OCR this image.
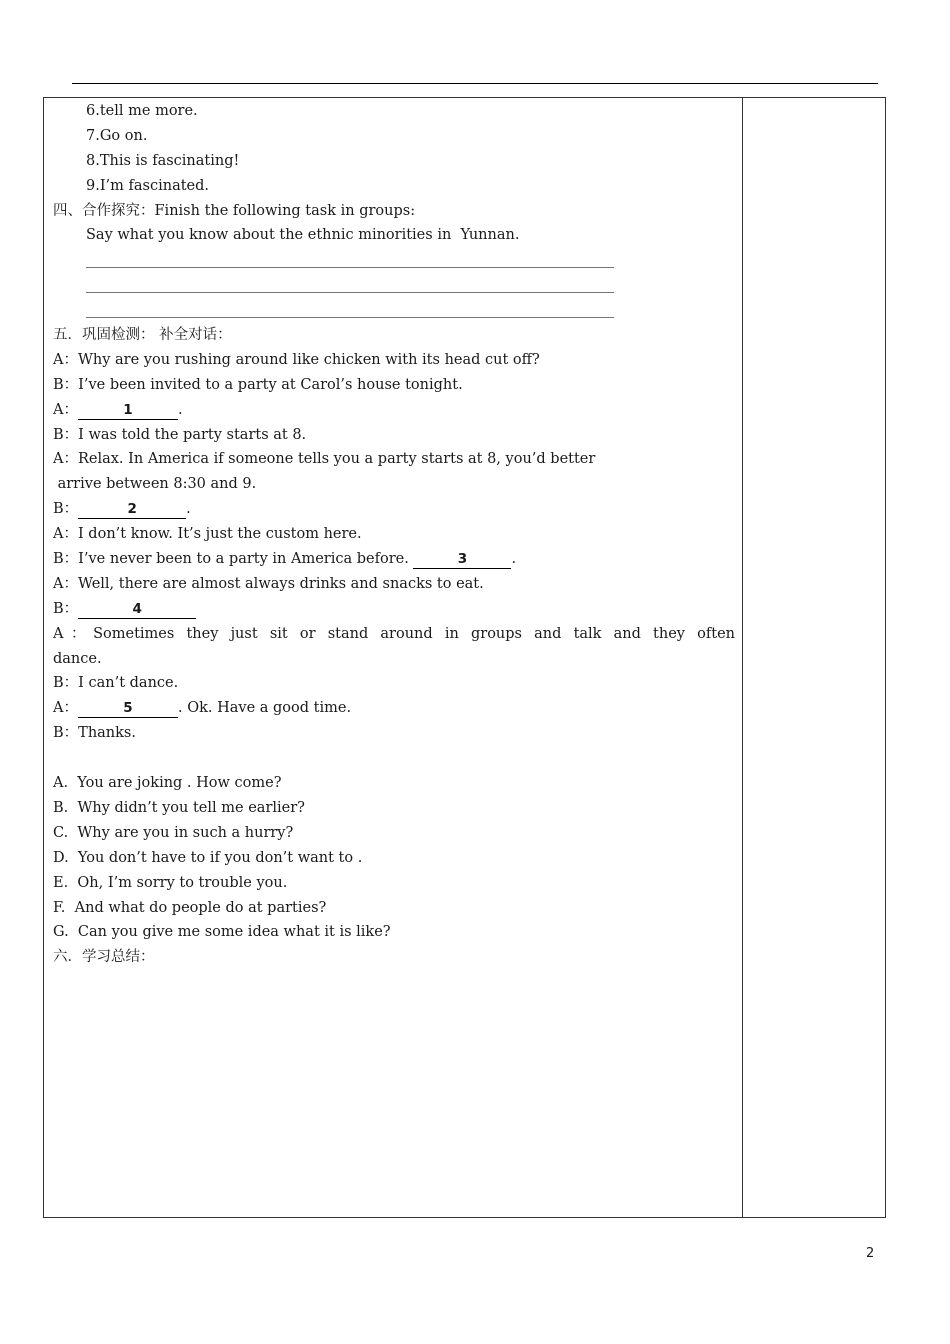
6.tell me more.
7.Go on.
8.This is fascinating!
9.I’m fascinated.
四、合作探究：Finish the following task in groups:
Say what you know about the ethnic minorities in  Yunnan.
五．巩固检测： 补全对话：
A：Why are you rushing around like chicken with its head cut off?
B：I’ve been invited to a party at Carol’s house tonight.
A：	1	.
B：I was told the party starts at 8.
A：Relax. In America if someone tells you a party starts at 8, you’d better
arrive between 8:30 and 9.
B：	2	.
A：I don’t know. It’s just the custom here.
B：I’ve never been to a party in America before.	3	.
A：Well, there are almost always drinks and snacks to eat.
B：	4
A：Sometimes they just sit or stand around in groups and talk and they often
dance.
B：I can’t dance.
A：	5	. Ok. Have a good time.
B：Thanks.
A.  You are joking . How come?
B.  Why didn’t you tell me earlier?
C.  Why are you in such a hurry?
D.  You don’t have to if you don’t want to .
E.  Oh, I’m sorry to trouble you.
F.  And what do people do at parties?
G.  Can you give me some idea what it is like?
六．学习总结：
2
